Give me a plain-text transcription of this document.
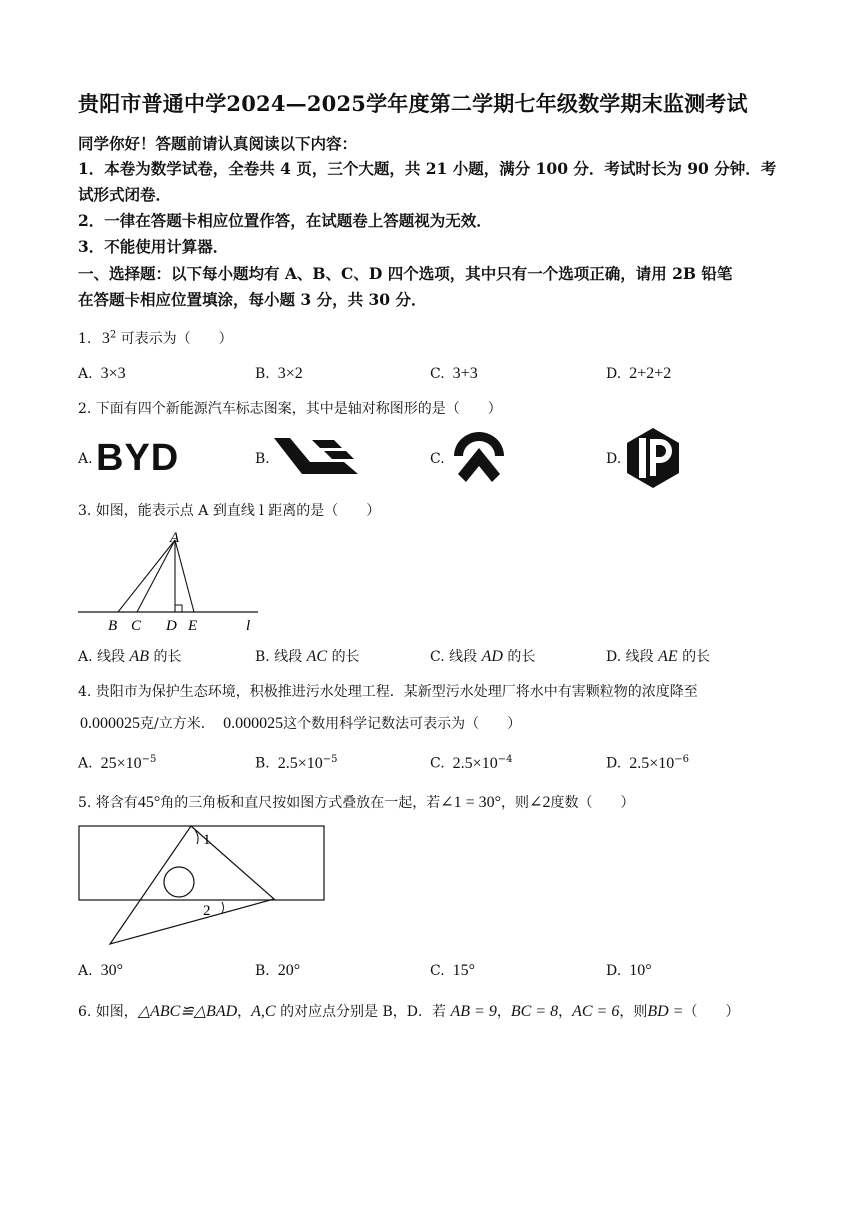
贵阳市普通中学2024—2025学年度第二学期七年级数学期末监测考试
同学你好！答题前请认真阅读以下内容：
1．本卷为数学试卷，全卷共 4 页，三个大题，共 21 小题，满分 100 分．考试时长为 90 分钟．考
试形式闭卷．
2．一律在答题卡相应位置作答，在试题卷上答题视为无效．
3．不能使用计算器．
一、选择题：以下每小题均有 A、B、C、D 四个选项，其中只有一个选项正确，请用 2B 铅笔
在答题卡相应位置填涂，每小题 3 分，共 30 分．
1. $3^2$ 可表示为（　　）
A. 3×3	B. 3×2	C. 3+3	D. 2+2+2
2. 下面有四个新能源汽车标志图案，其中是轴对称图形的是（　　）
A. BYD	B.	C.	D.
3. 如图，能表示点 A 到直线 l 距离的是（　　）
A
B C D E	l
A. 线段 AB 的长	B. 线段 AC 的长	C. 线段 AD 的长	D. 线段 AE 的长
4. 贵阳市为保护生态环境，积极推进污水处理工程．某新型污水处理厂将水中有害颗粒物的浓度降至
0.000025克/立方米． 0.000025这个数用科学记数法可表示为（　　）
A. $25\times 10^{-5}$	B. $2.5\times 10^{-5}$	C. $2.5\times 10^{-4}$	D. $2.5\times 10^{-6}$
5. 将含有45°角的三角板和直尺按如图方式叠放在一起，若∠1 = 30°，则∠2度数（　　）
1
2
A. 30°	B. 20°	C. 15°	D. 10°
6. 如图，△ABC≌△BAD，A,C 的对应点分别是 B，D．若 AB = 9，BC = 8，AC = 6，则BD =（　　）
